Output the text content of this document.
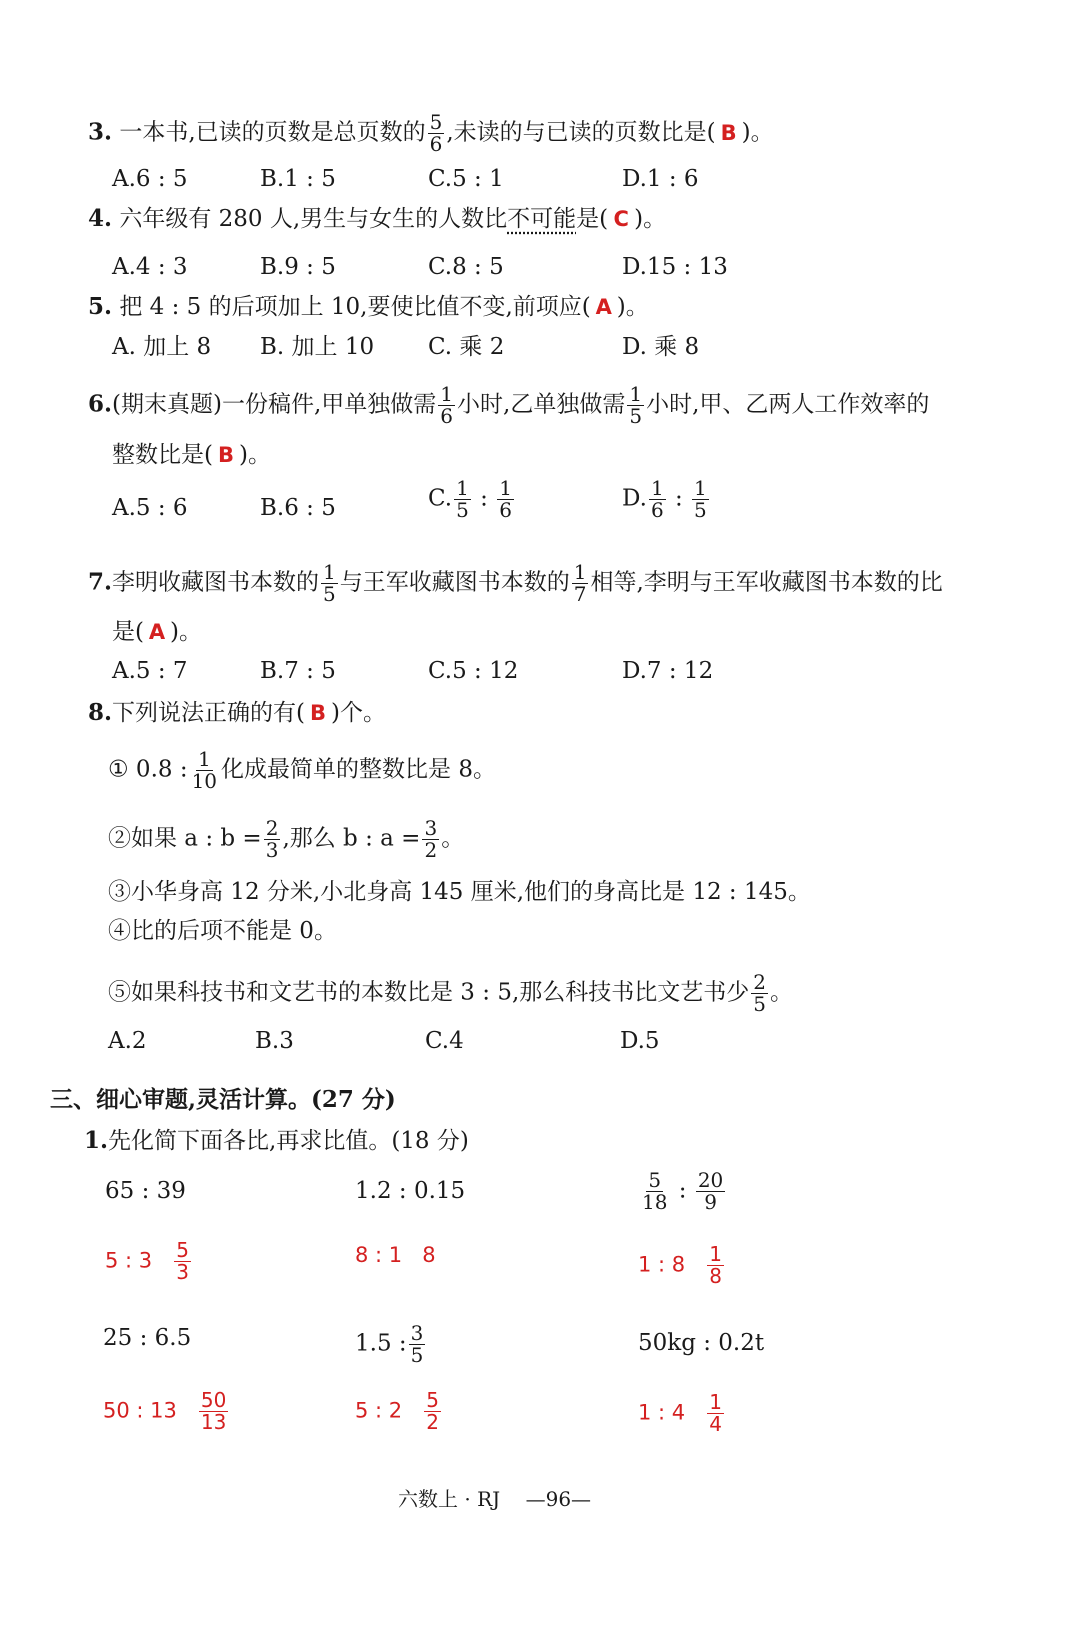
3. 一本书,已读的页数是总页数的 $\frac{5}{6}$ ,未读的与已读的页数比是( B )。
A.6 : 5	B.1 : 5	C.5 : 1	D.1 : 6
4. 六年级有 280 人,男生与女生的人数比不可能是( C )。
A.4 : 3	B.9 : 5	C.8 : 5	D.15 : 13
5. 把 4 : 5 的后项加上 10,要使比值不变,前项应( A )。
A. 加上 8 B. 加上 10 C. 乘 2	D. 乘 8
6.(期末真题)一份稿件,甲单独做需 $\frac{1}{6}$ 小时,乙单独做需 $\frac{1}{5}$ 小时,甲、乙两人工作效率的
整数比是( B )。
A.5 : 6	B.6 : 5	C. $\frac{1}{5}$ : $\frac{1}{6}$	D. $\frac{1}{6}$ : $\frac{1}{5}$
7.李明收藏图书本数的 $\frac{1}{5}$ 与王军收藏图书本数的 $\frac{1}{7}$ 相等,李明与王军收藏图书本数的比
是( A )。
A.5 : 7	B.7 : 5	C.5 : 12	D.7 : 12
8.下列说法正确的有( B )个。
① 0.8 : $\frac{1}{10}$ 化成最简单的整数比是 8。
②如果 a : $b = \frac{2}{3}$ ,那么 b : $a = \frac{3}{2}$ 。
③小华身高 12 分米,小北身高 145 厘米,他们的身高比是 12 : 145。
④比的后项不能是 0。
⑤如果科技书和文艺书的本数比是 3 : 5,那么科技书比文艺书少 $\frac{2}{5}$ 。
A.2	B.3	C.4	D.5
三、细心审题,灵活计算。(27 分)
1.先化简下面各比,再求比值。(18 分)
65 : 39	1.2 : 0.15	$\frac{5}{18}$ : $\frac{20}{9}$
5 : $3 \frac{5}{3}$	8 : 1 8	1 : $8 \frac{1}{8}$
25 : 6.5	1.5 : $\frac{3}{5}$	50kg : 0.2t
50 : $13 \frac{50}{13}$	5 : $2 \frac{5}{2}$	1 : $4 \frac{1}{4}$
六数上 · RJ —96—
